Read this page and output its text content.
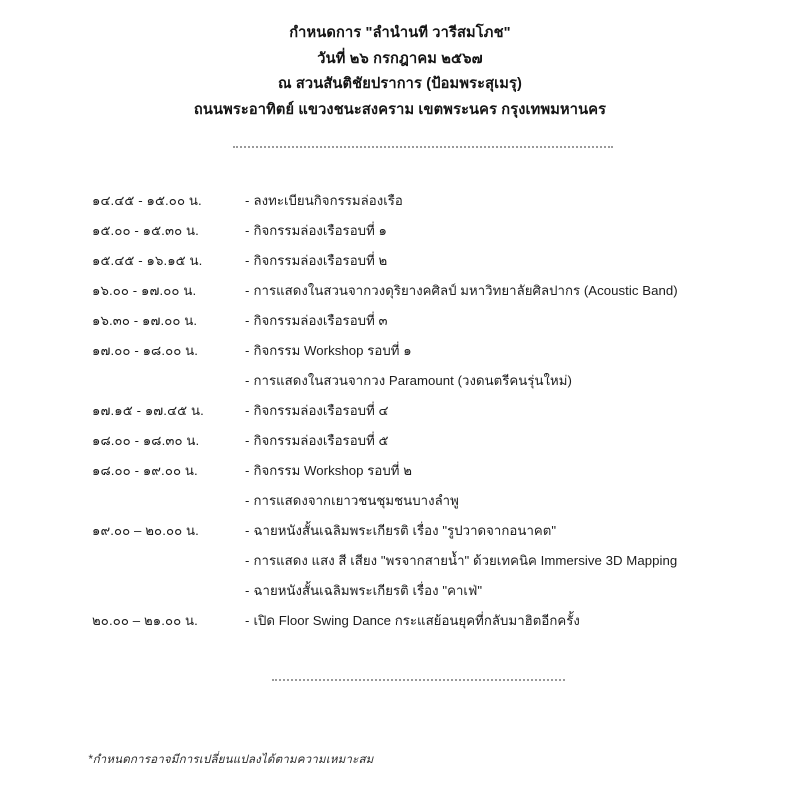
กำหนดการ "ลำนำนที วารีสมโภช"
วันที่ ๒๖ กรกฎาคม ๒๕๖๗
ณ สวนสันติชัยปราการ (ป้อมพระสุเมรุ)
ถนนพระอาทิตย์ แขวงชนะสงคราม เขตพระนคร กรุงเทพมหานคร
๑๔.๔๕ - ๑๕.๐๐ น.	- ลงทะเบียนกิจกรรมล่องเรือ
๑๕.๐๐ - ๑๕.๓๐ น.	- กิจกรรมล่องเรือรอบที่ ๑
๑๕.๔๕ - ๑๖.๑๕ น.	- กิจกรรมล่องเรือรอบที่ ๒
๑๖.๐๐ - ๑๗.๐๐ น.	- การแสดงในสวนจากวงดุริยางคศิลป์ มหาวิทยาลัยศิลปากร (Acoustic Band)
๑๖.๓๐ - ๑๗.๐๐ น.	- กิจกรรมล่องเรือรอบที่ ๓
๑๗.๐๐ - ๑๘.๐๐ น.	- กิจกรรม Workshop รอบที่ ๑
- การแสดงในสวนจากวง Paramount (วงดนตรีคนรุ่นใหม่)
๑๗.๑๕ - ๑๗.๔๕ น.	- กิจกรรมล่องเรือรอบที่ ๔
๑๘.๐๐ - ๑๘.๓๐ น.	- กิจกรรมล่องเรือรอบที่ ๕
๑๘.๐๐ - ๑๙.๐๐ น.	- กิจกรรม Workshop รอบที่ ๒
- การแสดงจากเยาวชนชุมชนบางลำพู
๑๙.๐๐ – ๒๐.๐๐ น.	- ฉายหนังสั้นเฉลิมพระเกียรติ เรื่อง "รูปวาดจากอนาคต"
- การแสดง แสง สี เสียง "พรจากสายน้ำ" ด้วยเทคนิค Immersive 3D Mapping
- ฉายหนังสั้นเฉลิมพระเกียรติ เรื่อง "คาเฟ่"
๒๐.๐๐ – ๒๑.๐๐ น.	- เปิด Floor Swing Dance กระแสย้อนยุคที่กลับมาฮิตอีกครั้ง
*กำหนดการอาจมีการเปลี่ยนแปลงได้ตามความเหมาะสม
